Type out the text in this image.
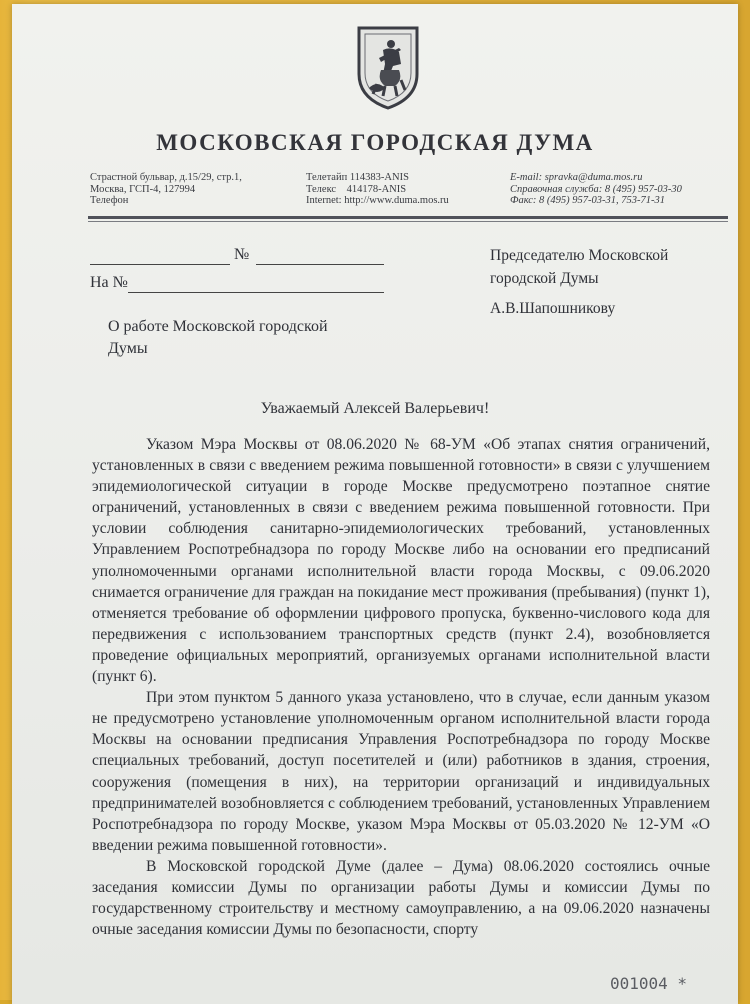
МОСКОВСКАЯ ГОРОДСКАЯ ДУМА
Страстной бульвар, д.15/29, стр.1,
Москва, ГСП-4, 127994
Телефон
Телетайп 114383-ANIS
Телекс    414178-ANIS
Internet: http://www.duma.mos.ru
E-mail: spravka@duma.mos.ru
Справочная служба: 8 (495) 957-03-30
Факс: 8 (495) 957-03-31, 753-71-31
№
На №
Председателю Московской
городской Думы
А.В.Шапошникову
О работе Московской городской
Думы
Уважаемый Алексей Валерьевич!

Указом Мэра Москвы от 08.06.2020 № 68-УМ «Об этапах снятия ограничений, установленных в связи с введением режима повышенной готовности» в связи с улучшением эпидемиологической ситуации в городе Москве предусмотрено поэтапное снятие ограничений, установленных в связи с введением режима повышенной готовности. При условии соблюдения санитарно-эпидемиологических требований, установленных Управлением Роспотребнадзора по городу Москве либо на основании его предписаний уполномоченными органами исполнительной власти города Москвы, с 09.06.2020 снимается ограничение для граждан на покидание мест проживания (пребывания) (пункт 1), отменяется требование об оформлении цифрового пропуска, буквенно-числового кода для передвижения с использованием транспортных средств (пункт 2.4), возобновляется проведение официальных мероприятий, организуемых органами исполнительной власти (пункт 6).

При этом пунктом 5 данного указа установлено, что в случае, если данным указом не предусмотрено установление уполномоченным органом исполнительной власти города Москвы на основании предписания Управления Роспотребнадзора по городу Москве специальных требований, доступ посетителей и (или) работников в здания, строения, сооружения (помещения в них), на территории организаций и индивидуальных предпринимателей возобновляется с соблюдением требований, установленных Управлением Роспотребнадзора по городу Москве, указом Мэра Москвы от 05.03.2020 № 12-УМ «О введении режима повышенной готовности».

В Московской городской Думе (далее – Дума) 08.06.2020 состоялись очные заседания комиссии Думы по организации работы Думы и комиссии Думы по государственному строительству и местному самоуправлению, а на 09.06.2020 назначены очные заседания комиссии Думы по безопасности, спорту

001004 *
